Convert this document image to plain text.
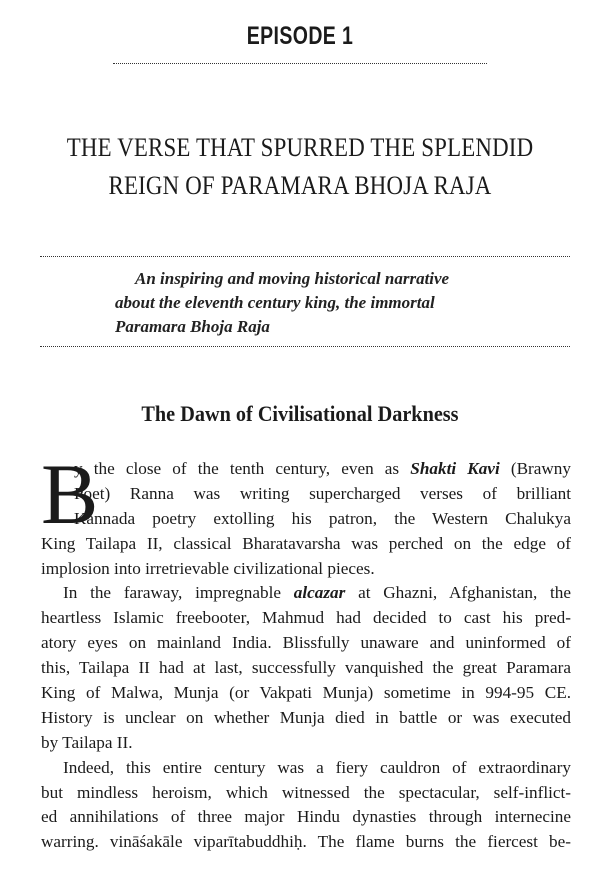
EPISODE 1
THE VERSE THAT SPURRED THE SPLENDID
REIGN OF PARAMARA BHOJA RAJA
An inspiring and moving historical narrative
about the eleventh century king, the immortal
Paramara Bhoja Raja
The Dawn of Civilisational Darkness
B
y the close of the tenth century, even as Shakti Kavi (Brawny
Poet) Ranna was writing supercharged verses of brilliant
Kannada poetry extolling his patron, the Western Chalukya
King Tailapa II, classical Bharatavarsha was perched on the edge of
implosion into irretrievable civilizational pieces.
In the faraway, impregnable alcazar at Ghazni, Afghanistan, the
heartless Islamic freebooter, Mahmud had decided to cast his pred-
atory eyes on mainland India. Blissfully unaware and uninformed of
this, Tailapa II had at last, successfully vanquished the great Paramara
King of Malwa, Munja (or Vakpati Munja) sometime in 994-95 CE.
History is unclear on whether Munja died in battle or was executed
by Tailapa II.
Indeed, this entire century was a fiery cauldron of extraordinary
but mindless heroism, which witnessed the spectacular, self-inflict-
ed annihilations of three major Hindu dynasties through internecine
warring. vināśakāle viparītabuddhiḥ. The flame burns the fiercest be-
